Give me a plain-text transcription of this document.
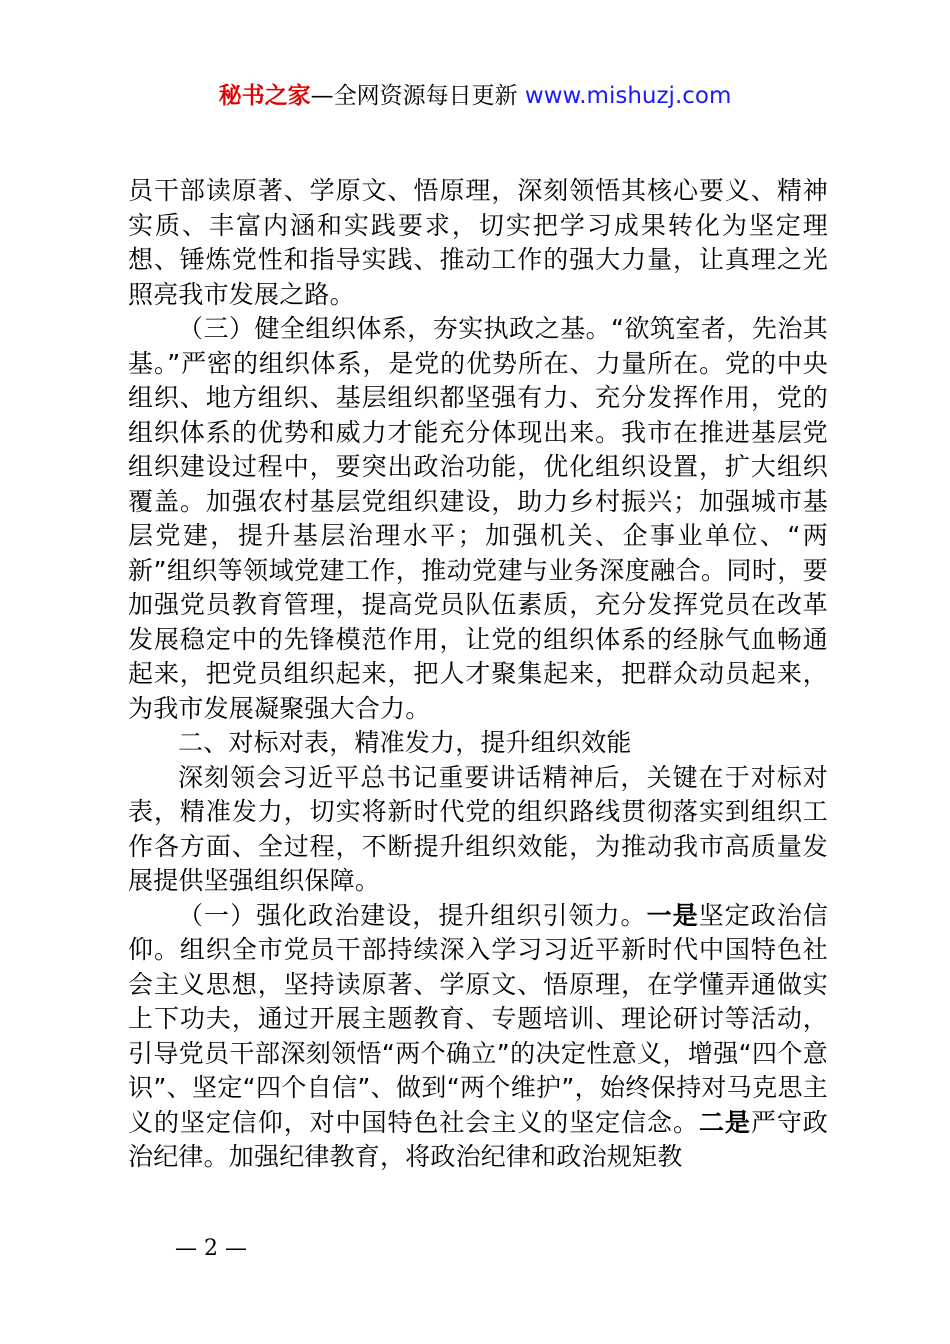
秘书之家—全网资源每日更新 www.mishuzj.com

员干部读原著、学原文、悟原理，深刻领悟其核心要义、精神实质、丰富内涵和实践要求，切实把学习成果转化为坚定理想、锤炼党性和指导实践、推动工作的强大力量，让真理之光照亮我市发展之路。

（三）健全组织体系，夯实执政之基。“欲筑室者，先治其基。”严密的组织体系，是党的优势所在、力量所在。党的中央组织、地方组织、基层组织都坚强有力、充分发挥作用，党的组织体系的优势和威力才能充分体现出来。我市在推进基层党组织建设过程中，要突出政治功能，优化组织设置，扩大组织覆盖。加强农村基层党组织建设，助力乡村振兴；加强城市基层党建，提升基层治理水平；加强机关、企事业单位、“两新”组织等领域党建工作，推动党建与业务深度融合。同时，要加强党员教育管理，提高党员队伍素质，充分发挥党员在改革发展稳定中的先锋模范作用，让党的组织体系的经脉气血畅通起来，把党员组织起来，把人才聚集起来，把群众动员起来，为我市发展凝聚强大合力。

二、对标对表，精准发力，提升组织效能

深刻领会习近平总书记重要讲话精神后，关键在于对标对表，精准发力，切实将新时代党的组织路线贯彻落实到组织工作各方面、全过程，不断提升组织效能，为推动我市高质量发展提供坚强组织保障。

（一）强化政治建设，提升组织引领力。一是坚定政治信仰。组织全市党员干部持续深入学习习近平新时代中国特色社会主义思想，坚持读原著、学原文、悟原理，在学懂弄通做实上下功夫，通过开展主题教育、专题培训、理论研讨等活动，引导党员干部深刻领悟“两个确立”的决定性意义，增强“四个意识”、坚定“四个自信”、做到“两个维护”，始终保持对马克思主义的坚定信仰，对中国特色社会主义的坚定信念。二是严守政治纪律。加强纪律教育，将政治纪律和政治规矩教

— 2 —
